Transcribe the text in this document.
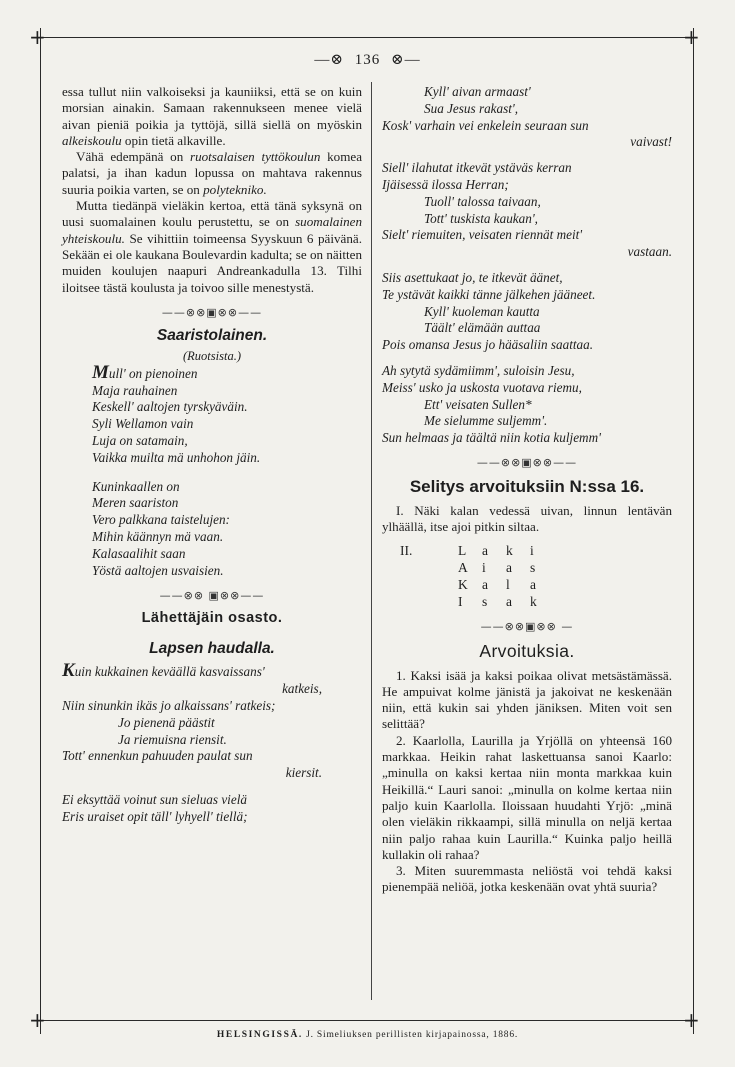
+	+
+	+
—⊗ 136 ⊗—

essa tullut niin valkoiseksi ja kauniiksi, että se on kuin morsian ainakin. Samaan rakennukseen menee vielä aivan pieniä poikia ja tyttöjä, sillä siellä on myöskin alkeiskoulu opin tietä alkaville.

Vähä edempänä on ruotsalaisen tyttökoulun komea palatsi, ja ihan kadun lopussa on mahtava rakennus suuria poikia varten, se on polytekniko.

Mutta tiedänpä vieläkin kertoa, että tänä syksynä on uusi suomalainen koulu perustettu, se on suomalainen yhteiskoulu. Se vihittiin toimeensa Syyskuun 6 päivänä. Sekään ei ole kaukana Boulevardin kadulta; se on näitten muiden koulujen naapuri Andreankadulla 13. Tilhi iloitsee tästä koulusta ja toivoo sille menestystä.

——⊗⊗▣⊗⊗——
Saaristolainen.
(Ruotsista.)
Mull' on pienoinen
Maja rauhainen
Keskell' aaltojen tyrskyäväin.
Syli Wellamon vain
Luja on satamain,
Vaikka muilta mä unhohon jäin.
Kuninkaallen on
Meren saariston
Vero palkkana taistelujen:
Mihin käännyn mä vaan.
Kalasaalihit saan
Yöstä aaltojen usvaisien.
——⊗⊗ ▣⊗⊗——
Lähettäjäin osasto.
Lapsen haudalla.
Kuin kukkainen keväällä kasvaissans'
katkeis,
Niin sinunkin ikäs jo alkaissans' ratkeis;
Jo pienenä päästit
Ja riemuisna riensit.
Tott' ennenkun pahuuden paulat sun
kiersit.
Ei eksyttää voinut sun sieluas vielä
Eris uraiset opit täll' lyhyell' tiellä;
Kyll' aivan armaast'
Sua Jesus rakast',
Kosk' varhain vei enkelein seuraan sun
vaivast!
Siell' ilahutat itkevät ystäväs kerran
Ijäisessä ilossa Herran;
Tuoll' talossa taivaan,
Tott' tuskista kaukan',
Sielt' riemuiten, veisaten riennät meit'
vastaan.
Siis asettukaat jo, te itkevät äänet,
Te ystävät kaikki tänne jälkehen jääneet.
Kyll' kuoleman kautta
Täält' elämään auttaa
Pois omansa Jesus jo hääsaliin saattaa.
Ah sytytä sydämiimm', suloisin Jesu,
Meiss' usko ja uskosta vuotava riemu,
Ett' veisaten Sullen*
Me sielumme suljemm'.
Sun helmaas ja täältä niin kotia kuljemm'
——⊗⊗▣⊗⊗——
Selitys arvoituksiin N:ssa 16.

I. Näki kalan vedessä uivan, linnun lentävän ylhäällä, itse ajoi pitkin siltaa.

II.	L	a	k	i
A	i	a	s
K	a	l	a
I	s	a	k
——⊗⊗▣⊗⊗ —
Arvoituksia.

1. Kaksi isää ja kaksi poikaa olivat metsästämässä. He ampuivat kolme jänistä ja jakoivat ne keskenään niin, että kukin sai yhden jäniksen. Miten voit sen selittää?

2. Kaarlolla, Laurilla ja Yrjöllä on yhteensä 160 markkaa. Heikin rahat laskettuansa sanoi Kaarlo: „minulla on kaksi kertaa niin monta markkaa kuin Heikillä.“ Lauri sanoi: „minulla on kolme kertaa niin paljo kuin Kaarlolla. Iloissaan huudahti Yrjö: „minä olen vieläkin rikkaampi, sillä minulla on neljä kertaa niin paljo rahaa kuin Laurilla.“ Kuinka paljo heillä kullakin oli rahaa?

3. Miten suuremmasta neliöstä voi tehdä kaksi pienempää neliöä, jotka keskenään ovat yhtä suuria?

HELSINGISSÄ. J. Simeliuksen perillisten kirjapainossa, 1886.
